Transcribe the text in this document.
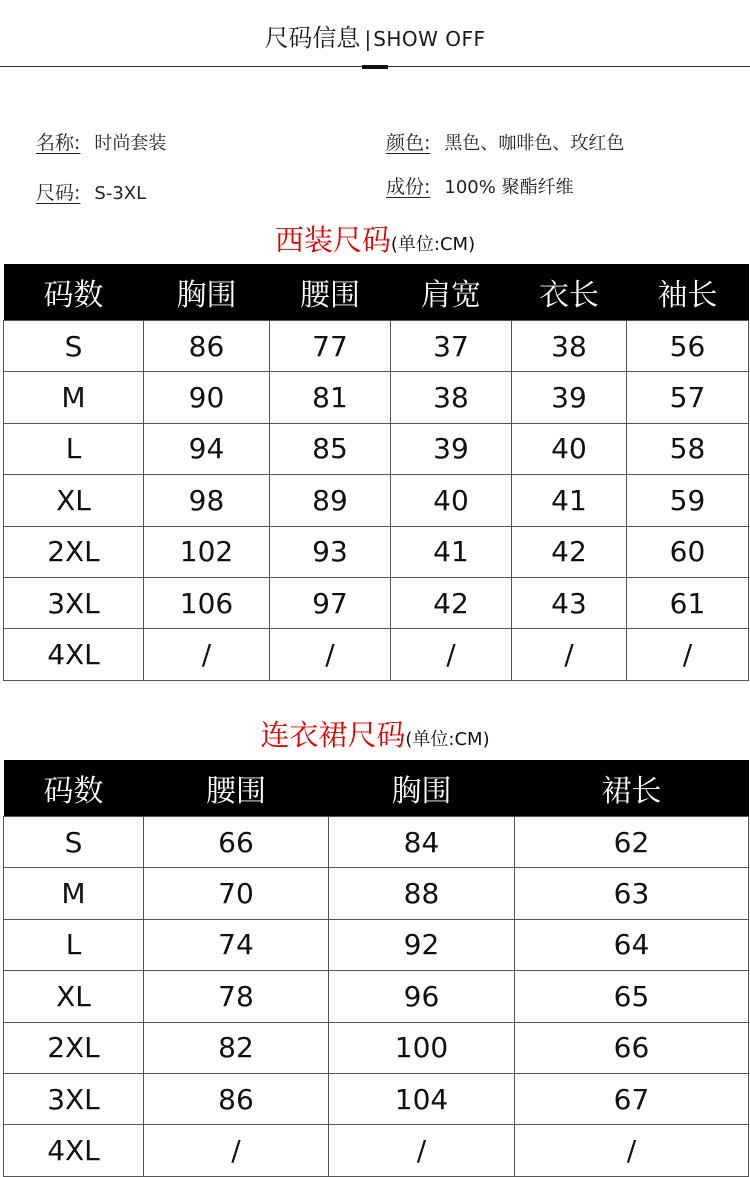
尺码信息 | SHOW OFF
名称: 时尚套装
尺码: S-3XL
颜色: 黑色、咖啡色、玫红色
成份: 100% 聚酯纤维
西装尺码(单位:CM)
码数	胸围	腰围	肩宽	衣长	袖长
S	86	77	37	38	56
M	90	81	38	39	57
L	94	85	39	40	58
XL	98	89	40	41	59
2XL	102	93	41	42	60
3XL	106	97	42	43	61
4XL	/	/	/	/	/
连衣裙尺码(单位:CM)
码数	腰围	胸围	裙长
S	66	84	62
M	70	88	63
L	74	92	64
XL	78	96	65
2XL	82	100	66
3XL	86	104	67
4XL	/	/	/
